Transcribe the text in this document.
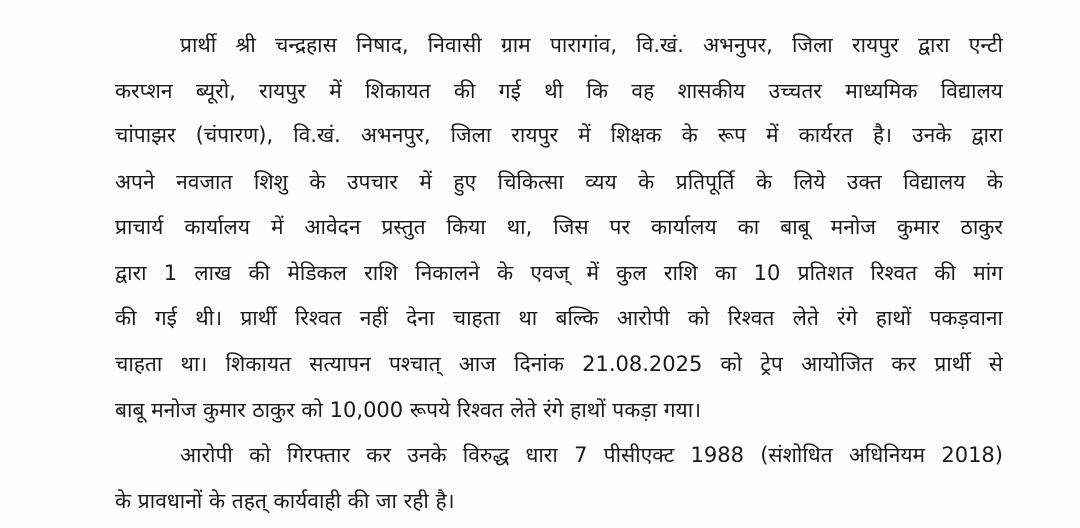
प्रार्थी श्री चन्द्रहास निषाद, निवासी ग्राम पारागांव, वि.खं. अभनुपर, जिला रायपुर द्वारा एन्टी
करप्शन ब्यूरो, रायपुर में शिकायत की गई थी कि वह शासकीय उच्चतर माध्यमिक विद्यालय
चांपाझर (चंपारण), वि.खं. अभनपुर, जिला रायपुर में शिक्षक के रूप में कार्यरत है। उनके द्वारा
अपने नवजात शिशु के उपचार में हुए चिकित्सा व्यय के प्रतिपूर्ति के लिये उक्त विद्यालय के
प्राचार्य कार्यालय में आवेदन प्रस्तुत किया था, जिस पर कार्यालय का बाबू मनोज कुमार ठाकुर
द्वारा 1 लाख की मेडिकल राशि निकालने के एवज् में कुल राशि का 10 प्रतिशत रिश्वत की मांग
की गई थी। प्रार्थी रिश्वत नहीं देना चाहता था बल्कि आरोपी को रिश्वत लेते रंगे हाथों पकड़वाना
चाहता था। शिकायत सत्यापन पश्चात् आज दिनांक 21.08.2025 को ट्रेप आयोजित कर प्रार्थी से
बाबू मनोज कुमार ठाकुर को 10,000 रूपये रिश्वत लेते रंगे हाथों पकड़ा गया।
आरोपी को गिरफ्तार कर उनके विरुद्ध धारा 7 पीसीएक्ट 1988 (संशोधित अधिनियम 2018)
के प्रावधानों के तहत् कार्यवाही की जा रही है।
